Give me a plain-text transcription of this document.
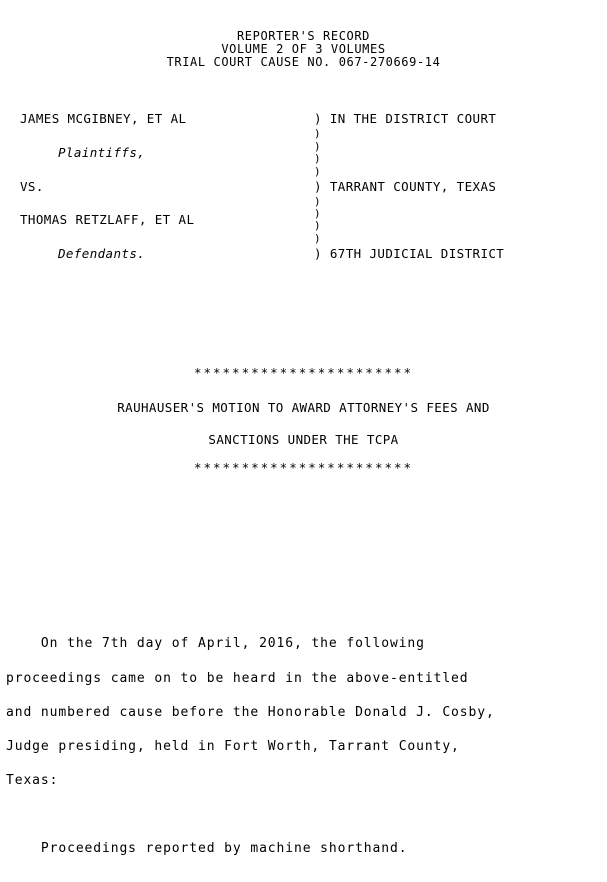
REPORTER'S RECORD
VOLUME 2 OF 3 VOLUMES
TRIAL COURT CAUSE NO. 067-270669-14
JAMES MCGIBNEY, ET AL
Plaintiffs,
VS.
THOMAS RETZLAFF, ET AL
Defendants.
) IN THE DISTRICT COURT
)
)
)
)
) TARRANT COUNTY, TEXAS
)
)
)
)
) 67TH JUDICIAL DISTRICT
***********************
RAUHAUSER'S MOTION TO AWARD ATTORNEY'S FEES AND
SANCTIONS UNDER THE TCPA
***********************
On the 7th day of April, 2016, the following
proceedings came on to be heard in the above-entitled
and numbered cause before the Honorable Donald J. Cosby,
Judge presiding, held in Fort Worth, Tarrant County,
Texas:
Proceedings reported by machine shorthand.
